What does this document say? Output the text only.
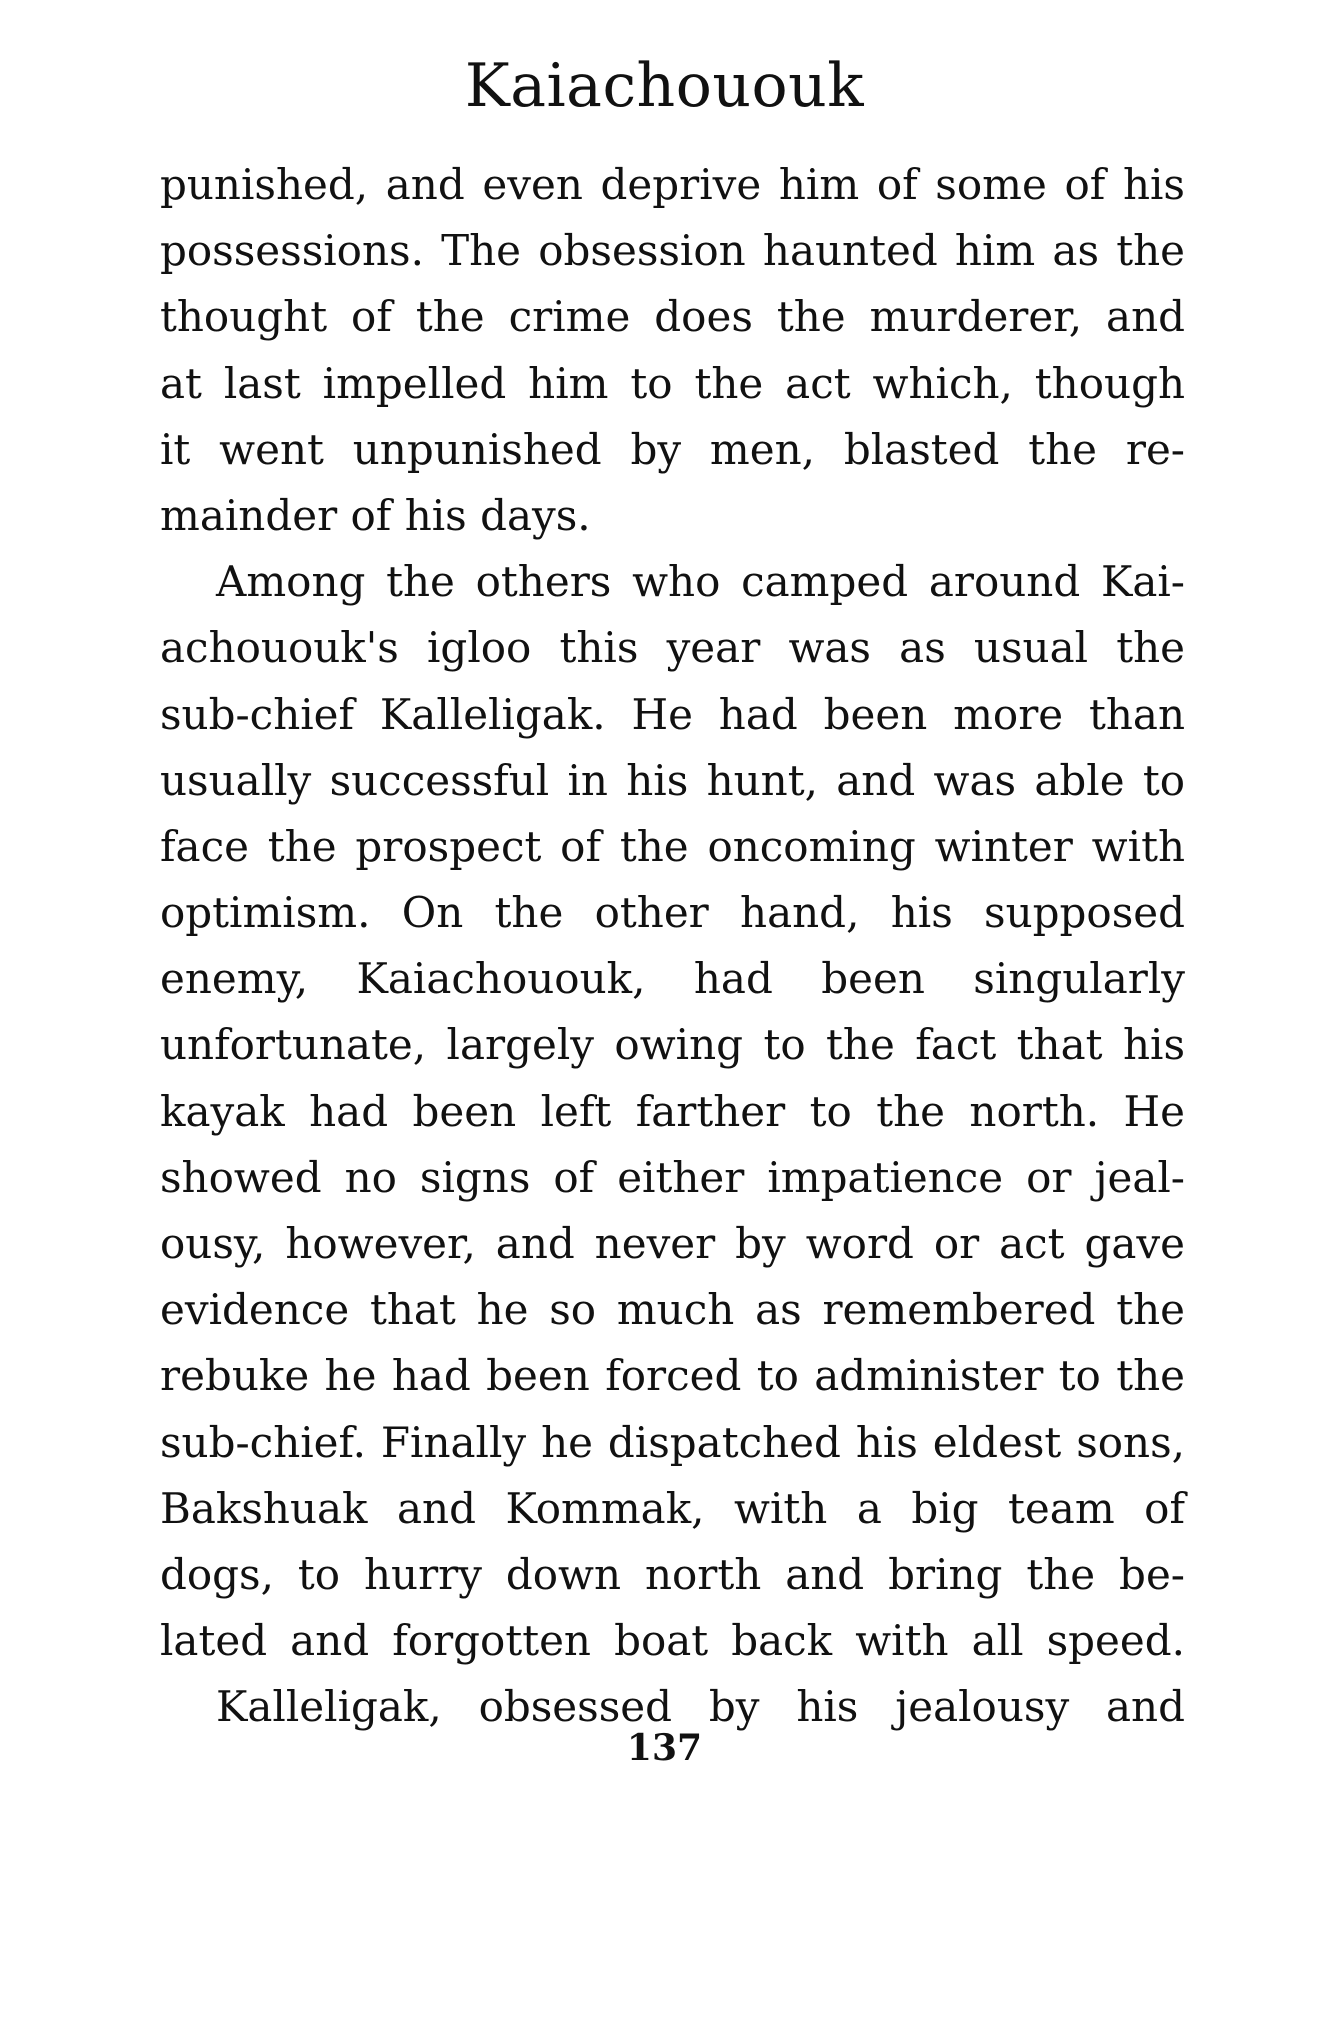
Kaiachououk
punished, and even deprive him of some of his
possessions. The obsession haunted him as the
thought of the crime does the murderer, and
at last impelled him to the act which, though
it went unpunished by men, blasted the re-
mainder of his days.
Among the others who camped around Kai-
achououk's igloo this year was as usual the
sub-chief Kalleligak. He had been more than
usually successful in his hunt, and was able to
face the prospect of the oncoming winter with
optimism. On the other hand, his supposed
enemy, Kaiachououk, had been singularly
unfortunate, largely owing to the fact that his
kayak had been left farther to the north. He
showed no signs of either impatience or jeal-
ousy, however, and never by word or act gave
evidence that he so much as remembered the
rebuke he had been forced to administer to the
sub-chief. Finally he dispatched his eldest sons,
Bakshuak and Kommak, with a big team of
dogs, to hurry down north and bring the be-
lated and forgotten boat back with all speed.
Kalleligak, obsessed by his jealousy and
137
